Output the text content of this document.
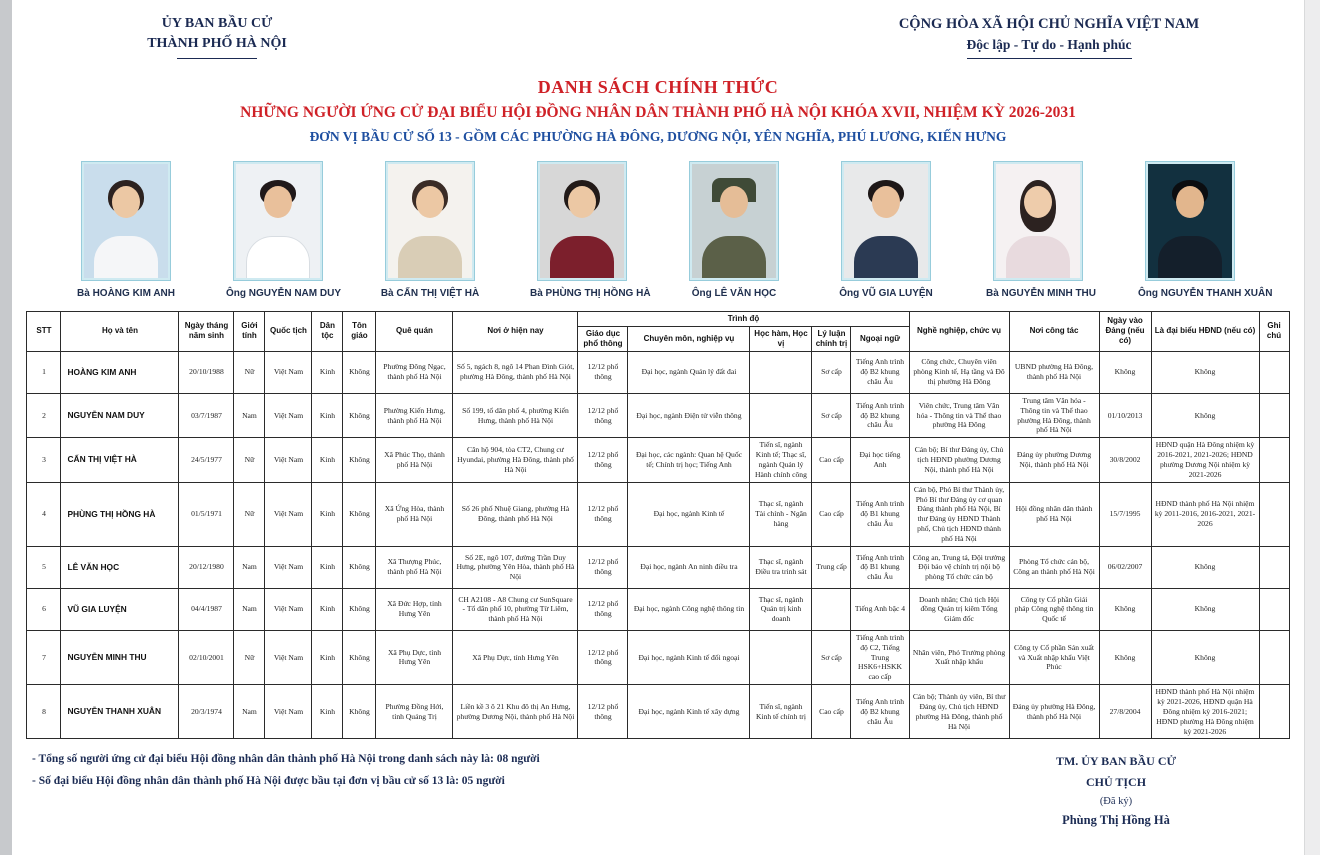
ỦY BAN BẦU CỬ
THÀNH PHỐ HÀ NỘI
CỘNG HÒA XÃ HỘI CHỦ NGHĨA VIỆT NAM
Độc lập - Tự do - Hạnh phúc
DANH SÁCH CHÍNH THỨC
NHỮNG NGƯỜI ỨNG CỬ ĐẠI BIỂU HỘI ĐỒNG NHÂN DÂN THÀNH PHỐ HÀ NỘI KHÓA XVII, NHIỆM KỲ 2026-2031
ĐƠN VỊ BẦU CỬ SỐ 13 - GỒM CÁC PHƯỜNG HÀ ĐÔNG, DƯƠNG NỘI, YÊN NGHĨA, PHÚ LƯƠNG, KIẾN HƯNG
Bà HOÀNG KIM ANH	Ông NGUYỄN NAM DUY	Bà CẤN THỊ VIỆT HÀ	Bà PHÙNG THỊ HỒNG HÀ	Ông LÊ VĂN HỌC	Ông VŨ GIA LUYỆN	Bà NGUYỄN MINH THU	Ông NGUYỄN THANH XUÂN
STT	Họ và tên	Ngày tháng năm sinh	Giới tính	Quốc tịch	Dân tộc	Tôn giáo	Quê quán	Nơi ở hiện nay	Trình độ					Nghề nghiệp, chức vụ	Nơi công tác	Ngày vào Đảng (nếu có)	Là đại biểu HĐND (nếu có)	Ghi chú
									Giáo dục phổ thông	Chuyên môn, nghiệp vụ	Học hàm, Học vị	Lý luận chính trị	Ngoại ngữ					
1	HOÀNG KIM ANH	20/10/1988	Nữ	Việt Nam	Kinh	Không	Phường Đông Ngạc, thành phố Hà Nội	Số 5, ngách 8, ngõ 14 Phan Đình Giót, phường Hà Đông, thành phố Hà Nội	12/12 phổ thông	Đại học, ngành Quản lý đất đai		Sơ cấp	Tiếng Anh trình độ B2 khung châu Âu	Công chức, Chuyên viên phòng Kinh tế, Hạ tầng và Đô thị phường Hà Đông	UBND phường Hà Đông, thành phố Hà Nội	Không	Không	
2	NGUYỄN NAM DUY	03/7/1987	Nam	Việt Nam	Kinh	Không	Phường Kiến Hưng, thành phố Hà Nội	Số 199, tổ dân phố 4, phường Kiến Hưng, thành phố Hà Nội	12/12 phổ thông	Đại học, ngành Điện tử viễn thông		Sơ cấp	Tiếng Anh trình độ B2 khung châu Âu	Viên chức, Trung tâm Văn hóa - Thông tin và Thể thao phường Hà Đông	Trung tâm Văn hóa - Thông tin và Thể thao phường Hà Đông, thành phố Hà Nội	01/10/2013	Không	
3	CẤN THỊ VIỆT HÀ	24/5/1977	Nữ	Việt Nam	Kinh	Không	Xã Phúc Thọ, thành phố Hà Nội	Căn hộ 904, tòa CT2, Chung cư Hyundai, phường Hà Đông, thành phố Hà Nội	12/12 phổ thông	Đại học, các ngành: Quan hệ Quốc tế; Chính trị học; Tiếng Anh	Tiến sĩ, ngành Kinh tế; Thạc sĩ, ngành Quản lý Hành chính công	Cao cấp	Đại học tiếng Anh	Cán bộ; Bí thư Đảng ủy, Chủ tịch HĐND phường Dương Nội, thành phố Hà Nội	Đảng ủy phường Dương Nội, thành phố Hà Nội	30/8/2002	HĐND quận Hà Đông nhiệm kỳ 2016-2021, 2021-2026; HĐND phường Dương Nội nhiệm kỳ 2021-2026	
4	PHÙNG THỊ HỒNG HÀ	01/5/1971	Nữ	Việt Nam	Kinh	Không	Xã Ứng Hòa, thành phố Hà Nội	Số 26 phố Nhuệ Giang, phường Hà Đông, thành phố Hà Nội	12/12 phổ thông	Đại học, ngành Kinh tế	Thạc sĩ, ngành Tài chính - Ngân hàng	Cao cấp	Tiếng Anh trình độ B1 khung châu Âu	Cán bộ, Phó Bí thư Thành ủy, Phó Bí thư Đảng ủy cơ quan Đảng thành phố Hà Nội, Bí thư Đảng ủy HĐND Thành phố, Chủ tịch HĐND thành phố Hà Nội	Hội đồng nhân dân thành phố Hà Nội	15/7/1995	HĐND thành phố Hà Nội nhiệm kỳ 2011-2016, 2016-2021, 2021-2026	
5	LÊ VĂN HỌC	20/12/1980	Nam	Việt Nam	Kinh	Không	Xã Thượng Phúc, thành phố Hà Nội	Số 2E, ngõ 107, đường Trần Duy Hưng, phường Yên Hòa, thành phố Hà Nội	12/12 phổ thông	Đại học, ngành An ninh điều tra	Thạc sĩ, ngành Điều tra trinh sát	Trung cấp	Tiếng Anh trình độ B1 khung châu Âu	Công an, Trung tá, Đội trưởng Đội bảo vệ chính trị nội bộ phòng Tổ chức cán bộ	Phòng Tổ chức cán bộ, Công an thành phố Hà Nội	06/02/2007	Không	
6	VŨ GIA LUYỆN	04/4/1987	Nam	Việt Nam	Kinh	Không	Xã Đức Hợp, tỉnh Hưng Yên	CH A2108 - A8 Chung cư SunSquare - Tổ dân phố 10, phường Từ Liêm, thành phố Hà Nội	12/12 phổ thông	Đại học, ngành Công nghệ thông tin	Thạc sĩ, ngành Quản trị kinh doanh		Tiếng Anh bậc 4	Doanh nhân; Chủ tịch Hội đồng Quản trị kiêm Tổng Giám đốc	Công ty Cổ phần Giải pháp Công nghệ thông tin Quốc tế	Không	Không	
7	NGUYỄN MINH THU	02/10/2001	Nữ	Việt Nam	Kinh	Không	Xã Phụ Dực, tỉnh Hưng Yên	Xã Phụ Dực, tỉnh Hưng Yên	12/12 phổ thông	Đại học, ngành Kinh tế đối ngoại		Sơ cấp	Tiếng Anh trình độ C2, Tiếng Trung HSK6+HSKK cao cấp	Nhân viên, Phó Trưởng phòng Xuất nhập khẩu	Công ty Cổ phần Sản xuất và Xuất nhập khẩu Việt Phúc	Không	Không	
8	NGUYỄN THANH XUÂN	20/3/1974	Nam	Việt Nam	Kinh	Không	Phường Đồng Hới, tỉnh Quảng Trị	Liền kề 3 ô 21 Khu đô thị An Hưng, phường Dương Nội, thành phố Hà Nội	12/12 phổ thông	Đại học, ngành Kinh tế xây dựng	Tiến sĩ, ngành Kinh tế chính trị	Cao cấp	Tiếng Anh trình độ B2 khung châu Âu	Cán bộ; Thành ủy viên, Bí thư Đảng ủy, Chủ tịch HĐND phường Hà Đông, thành phố Hà Nội	Đảng ủy phường Hà Đông, thành phố Hà Nội	27/8/2004	HĐND thành phố Hà Nội nhiệm kỳ 2021-2026, HĐND quận Hà Đông nhiệm kỳ 2016-2021; HĐND phường Hà Đông nhiệm kỳ 2021-2026	
- Tổng số người ứng cử đại biểu Hội đồng nhân dân thành phố Hà Nội trong danh sách này là: 08 người
- Số đại biểu Hội đồng nhân dân thành phố Hà Nội được bầu tại đơn vị bầu cử số 13 là: 05 người
TM. ỦY BAN BẦU CỬ
CHỦ TỊCH
(Đã ký)
Phùng Thị Hồng Hà
